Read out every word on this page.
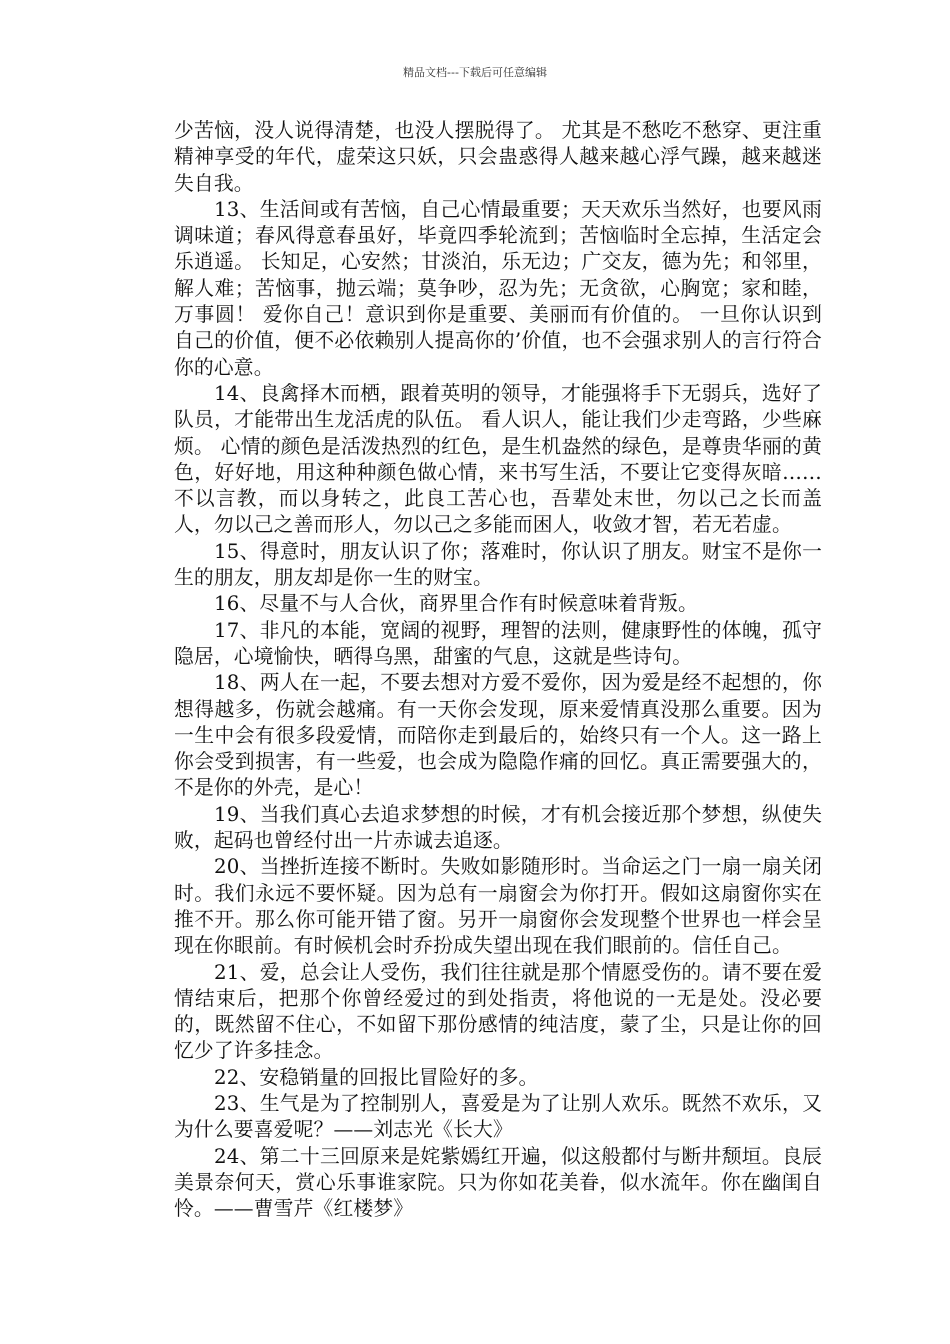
精品文档---下载后可任意编辑

少苦恼，没人说得清楚，也没人摆脱得了。 尤其是不愁吃不愁穿、更注重精神享受的年代，虚荣这只妖，只会蛊惑得人越来越心浮气躁，越来越迷失自我。

13、生活间或有苦恼，自己心情最重要；天天欢乐当然好，也要风雨调味道；春风得意春虽好，毕竟四季轮流到；苦恼临时全忘掉，生活定会乐逍遥。 长知足，心安然；甘淡泊，乐无边；广交友，德为先；和邻里，解人难；苦恼事，抛云端；莫争吵，忍为先；无贪欲，心胸宽；家和睦，万事圆！ 爱你自己！意识到你是重要、美丽而有价值的。 一旦你认识到自己的价值，便不必依赖别人提高你的’价值，也不会强求别人的言行符合你的心意。

14、良禽择木而栖，跟着英明的领导，才能强将手下无弱兵，选好了队员，才能带出生龙活虎的队伍。 看人识人，能让我们少走弯路，少些麻烦。 心情的颜色是活泼热烈的红色，是生机盎然的绿色，是尊贵华丽的黄色，好好地，用这种种颜色做心情，来书写生活，不要让它变得灰暗…… 不以言教，而以身转之，此良工苦心也，吾辈处末世，勿以己之长而盖人，勿以己之善而形人，勿以己之多能而困人，收敛才智，若无若虚。

15、得意时，朋友认识了你；落难时，你认识了朋友。财宝不是你一生的朋友，朋友却是你一生的财宝。

16、尽量不与人合伙，商界里合作有时候意味着背叛。

17、非凡的本能，宽阔的视野，理智的法则，健康野性的体魄，孤守隐居，心境愉快，晒得乌黑，甜蜜的气息，这就是些诗句。

18、两人在一起，不要去想对方爱不爱你，因为爱是经不起想的，你想得越多，伤就会越痛。有一天你会发现，原来爱情真没那么重要。因为一生中会有很多段爱情，而陪你走到最后的，始终只有一个人。这一路上你会受到损害，有一些爱，也会成为隐隐作痛的回忆。真正需要强大的，不是你的外壳，是心！

19、当我们真心去追求梦想的时候，才有机会接近那个梦想，纵使失败，起码也曾经付出一片赤诚去追逐。

20、当挫折连接不断时。失败如影随形时。当命运之门一扇一扇关闭时。我们永远不要怀疑。因为总有一扇窗会为你打开。假如这扇窗你实在推不开。那么你可能开错了窗。另开一扇窗你会发现整个世界也一样会呈现在你眼前。有时候机会时乔扮成失望出现在我们眼前的。信任自己。

21、爱，总会让人受伤，我们往往就是那个情愿受伤的。请不要在爱情结束后，把那个你曾经爱过的到处指责，将他说的一无是处。没必要的，既然留不住心，不如留下那份感情的纯洁度，蒙了尘，只是让你的回忆少了许多挂念。

22、安稳销量的回报比冒险好的多。

23、生气是为了控制别人，喜爱是为了让别人欢乐。既然不欢乐，又为什么要喜爱呢？——刘志光《长大》

24、第二十三回原来是姹紫嫣红开遍，似这般都付与断井颓垣。良辰美景奈何天，赏心乐事谁家院。只为你如花美眷，似水流年。你在幽闺自怜。——曹雪芹《红楼梦》
